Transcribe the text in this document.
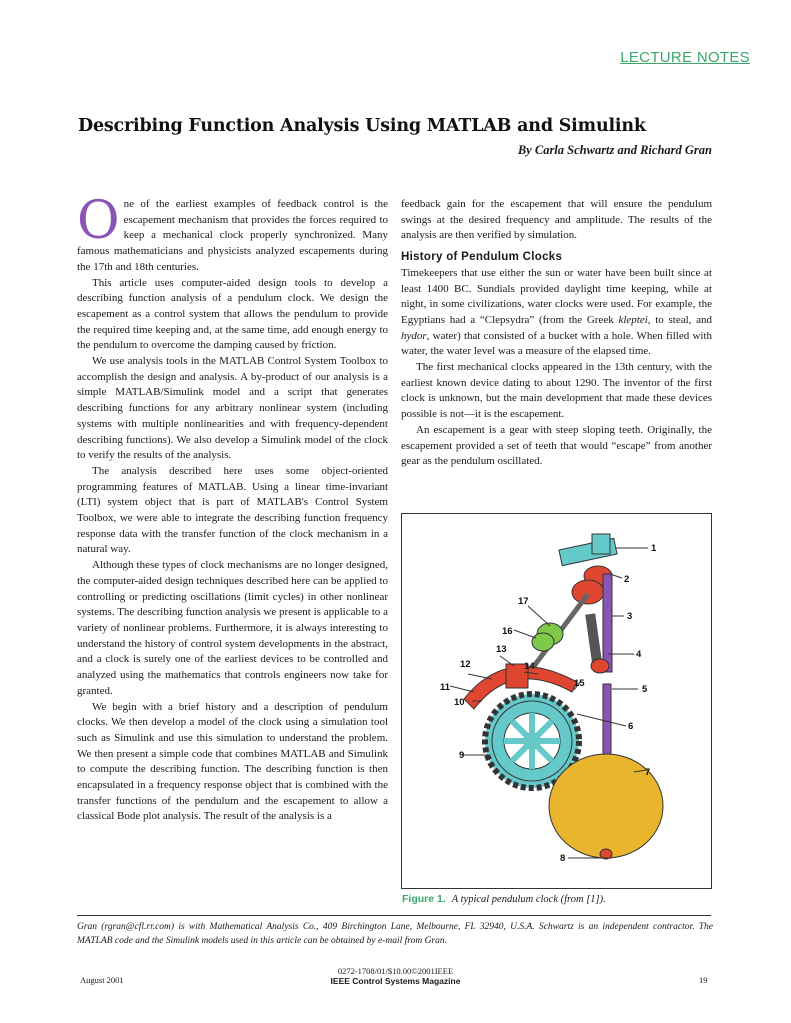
LECTURE NOTES
Describing Function Analysis Using MATLAB and Simulink
By Carla Schwartz and Richard Gran

One of the earliest examples of feedback control is the escapement mechanism that provides the forces required to keep a mechanical clock properly synchronized. Many famous mathematicians and physicists analyzed escapements during the 17th and 18th centuries.

This article uses computer-aided design tools to develop a describing function analysis of a pendulum clock. We design the escapement as a control system that allows the pendulum to provide the required time keeping and, at the same time, add enough energy to the pendulum to overcome the damping caused by friction.

We use analysis tools in the MATLAB Control System Toolbox to accomplish the design and analysis. A by-product of our analysis is a simple MATLAB/Simulink model and a script that generates describing functions for any arbitrary nonlinear system (including systems with multiple nonlinearities and with frequency-dependent describing functions). We also develop a Simulink model of the clock to verify the results of the analysis.

The analysis described here uses some object-oriented programming features of MATLAB. Using a linear time-invariant (LTI) system object that is part of MATLAB's Control System Toolbox, we were able to integrate the describing function frequency response data with the transfer function of the clock mechanism in a natural way.

Although these types of clock mechanisms are no longer designed, the computer-aided design techniques described here can be applied to controlling or predicting oscillations (limit cycles) in other nonlinear systems. The describing function analysis we present is applicable to a variety of nonlinear problems. Furthermore, it is always interesting to understand the history of control system developments in the abstract, and a clock is surely one of the earliest devices to be controlled and analyzed using the mathematics that controls engineers now take for granted.

We begin with a brief history and a description of pendulum clocks. We then develop a model of the clock using a simulation tool such as Simulink and use this simulation to understand the problem. We then present a simple code that combines MATLAB and Simulink to compute the describing function. The describing function is then encapsulated in a frequency response object that is combined with the transfer functions of the pendulum and the escapement to allow a classical Bode plot analysis. The result of the analysis is a

feedback gain for the escapement that will ensure the pendulum swings at the desired frequency and amplitude. The results of the analysis are then verified by simulation.

History of Pendulum Clocks

Timekeepers that use either the sun or water have been built since at least 1400 BC. Sundials provided daylight time keeping, while at night, in some civilizations, water clocks were used. For example, the Egyptians had a “Clepsydra” (from the Greek kleptei, to steal, and hydor, water) that consisted of a bucket with a hole. When filled with water, the water level was a measure of the elapsed time.

The first mechanical clocks appeared in the 13th century, with the earliest known device dating to about 1290. The inventor of the first clock is unknown, but the main development that made these devices possible is not—it is the escapement.

An escapement is a gear with steep sloping teeth. Originally, the escapement provided a set of teeth that would “escape” from another gear as the pendulum oscillated.

1
2
3
4
5
6
7
8
9
10
11
12
13
14
15
16
17
Figure 1. A typical pendulum clock (from [1]).
Gran (rgran@cfl.rr.com) is with Mathematical Analysis Co., 409 Birchington Lane, Melbourne, FL 32940, U.S.A. Schwartz is an independent contractor. The MATLAB code and the Simulink models used in this article can be obtained by e-mail from Gran.
August 2001
0272-1708/01/$10.00©2001IEEE
IEEE Control Systems Magazine	19
